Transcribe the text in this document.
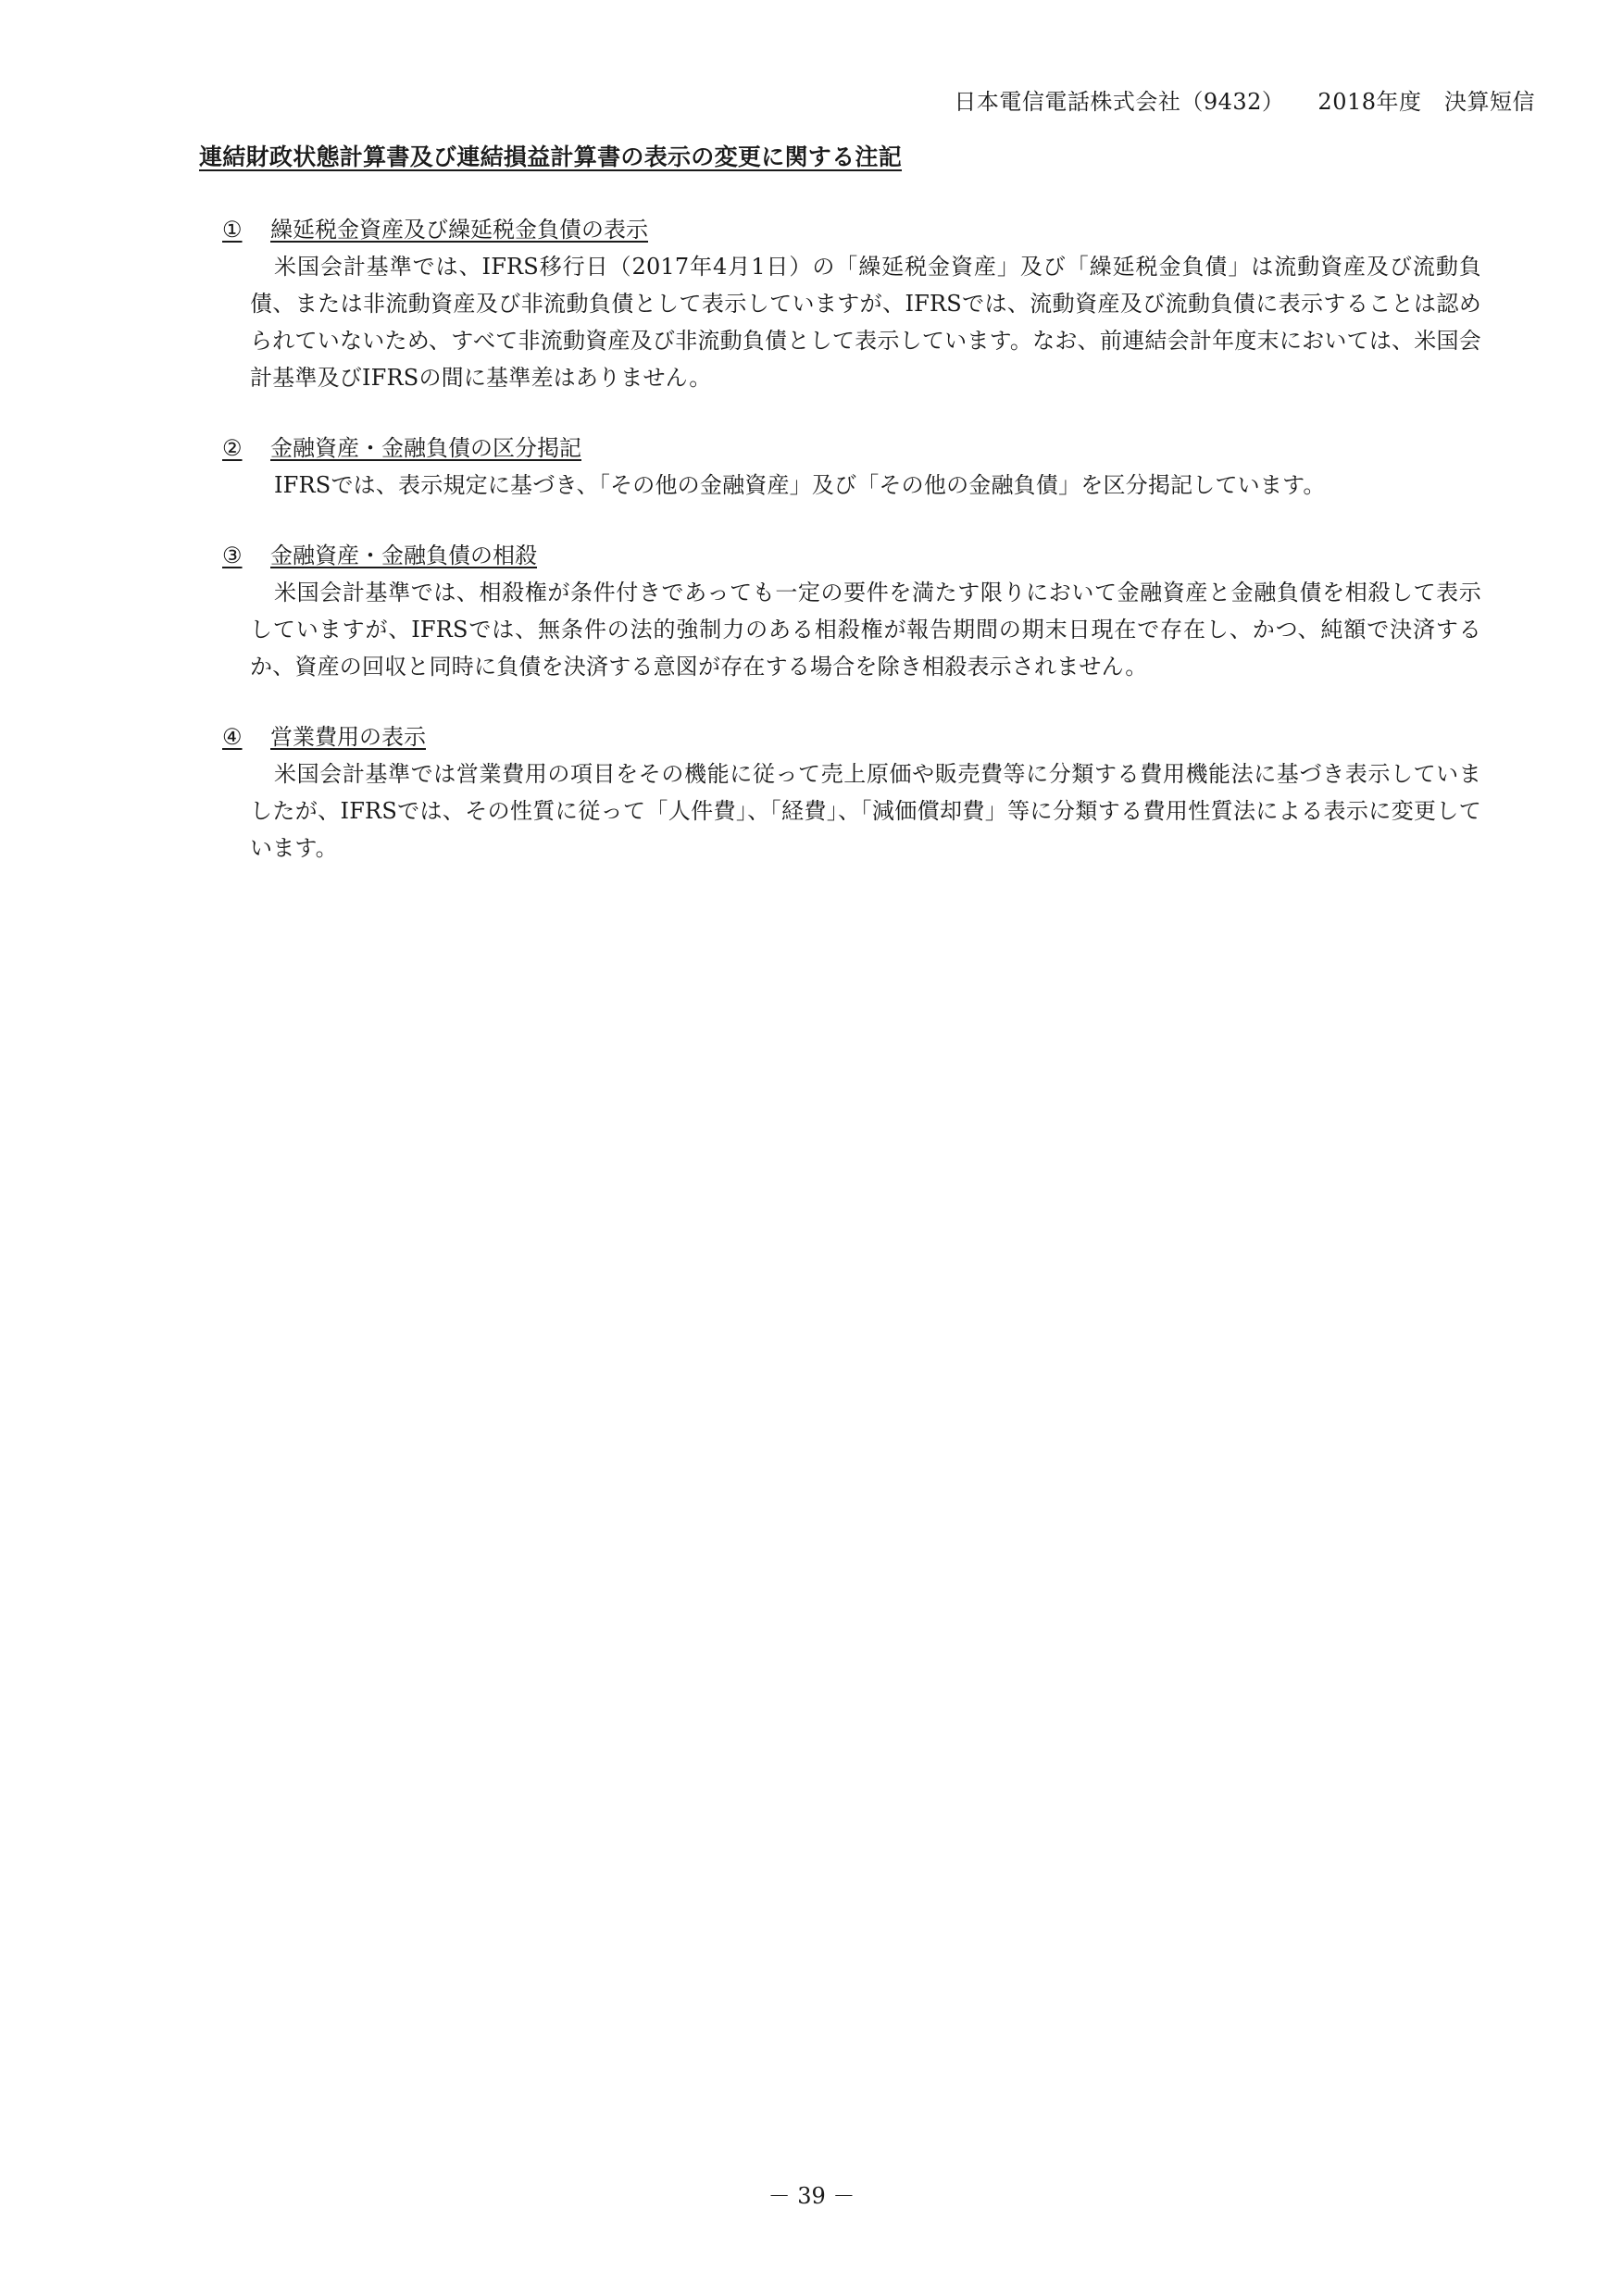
日本電信電話株式会社（9432） 2018年度　決算短信
連結財政状態計算書及び連結損益計算書の表示の変更に関する注記
① 繰延税金資産及び繰延税金負債の表示
米国会計基準では、IFRS移行日（2017年4月1日）の「繰延税金資産」及び「繰延税金負債」は流動資産及び流動負債、または非流動資産及び非流動負債として表示していますが、IFRSでは、流動資産及び流動負債に表示することは認められていないため、すべて非流動資産及び非流動負債として表示しています。なお、前連結会計年度末においては、米国会計基準及びIFRSの間に基準差はありません。
② 金融資産・金融負債の区分掲記
IFRSでは、表示規定に基づき、「その他の金融資産」及び「その他の金融負債」を区分掲記しています。
③ 金融資産・金融負債の相殺
米国会計基準では、相殺権が条件付きであっても一定の要件を満たす限りにおいて金融資産と金融負債を相殺して表示していますが、IFRSでは、無条件の法的強制力のある相殺権が報告期間の期末日現在で存在し、かつ、純額で決済するか、資産の回収と同時に負債を決済する意図が存在する場合を除き相殺表示されません。
④ 営業費用の表示
米国会計基準では営業費用の項目をその機能に従って売上原価や販売費等に分類する費用機能法に基づき表示していましたが、IFRSでは、その性質に従って「人件費」、「経費」、「減価償却費」等に分類する費用性質法による表示に変更しています。
－ 39 －
